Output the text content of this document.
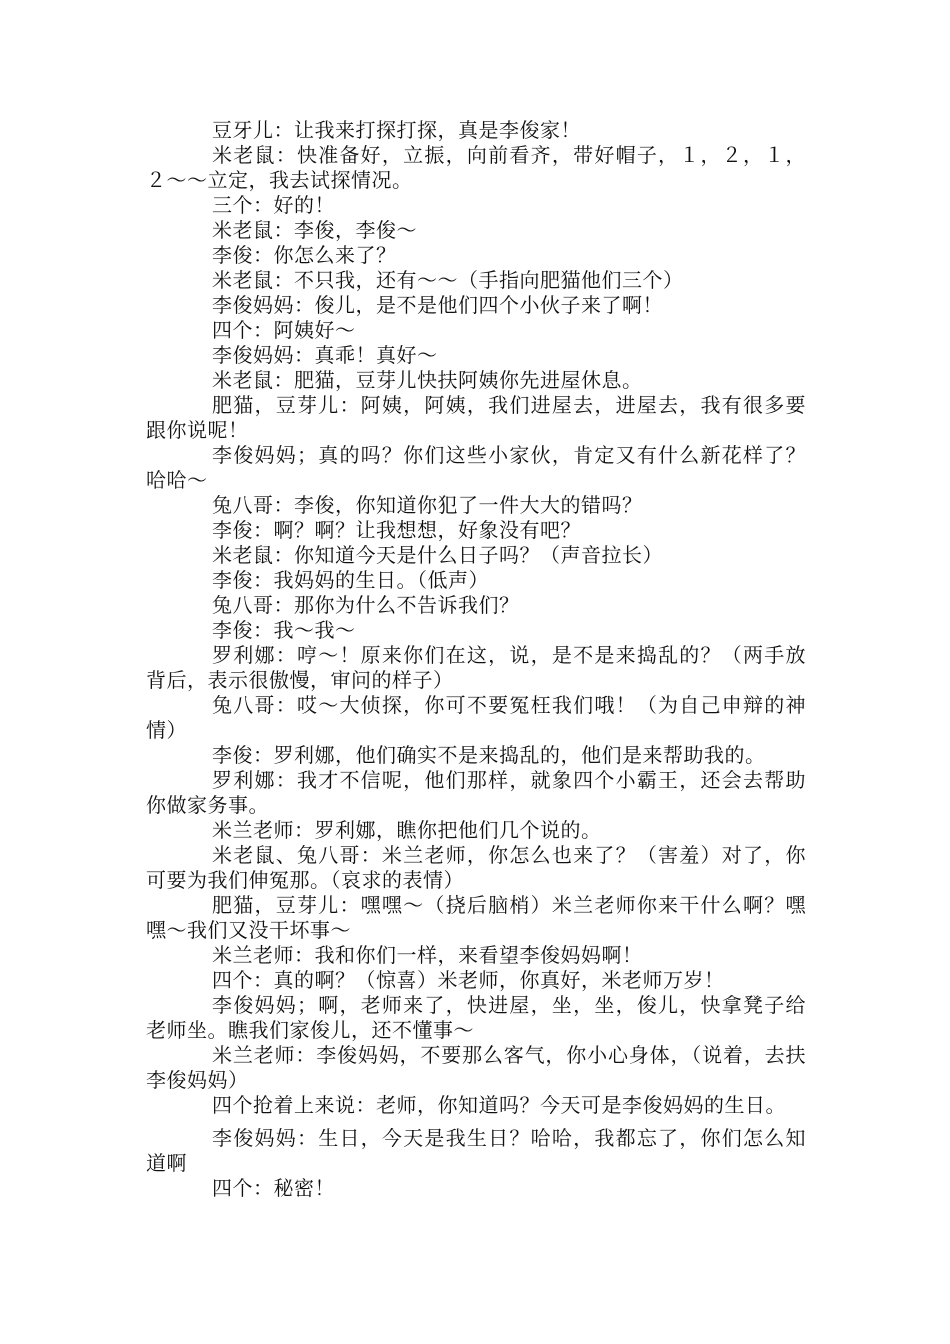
豆牙儿：让我来打探打探，真是李俊家！

米老鼠：快准备好，立振，向前看齐，带好帽子，１，２，１，２～～立定，我去试探情况。

三个：好的！

米老鼠：李俊，李俊～

李俊：你怎么来了？

米老鼠：不只我，还有～～（手指向肥猫他们三个）

李俊妈妈：俊儿，是不是他们四个小伙子来了啊！

四个：阿姨好～

李俊妈妈：真乖！真好～

米老鼠：肥猫，豆芽儿快扶阿姨你先进屋休息。

肥猫，豆芽儿：阿姨，阿姨，我们进屋去，进屋去，我有很多要跟你说呢！

李俊妈妈；真的吗？你们这些小家伙，肯定又有什么新花样了？哈哈～

兔八哥：李俊，你知道你犯了一件大大的错吗？

李俊：啊？啊？让我想想，好象没有吧？

米老鼠：你知道今天是什么日子吗？（声音拉长）

李俊：我妈妈的生日。（低声）

兔八哥：那你为什么不告诉我们？

李俊：我～我～

罗利娜：哼～！原来你们在这，说，是不是来捣乱的？（两手放背后，表示很傲慢，审问的样子）

兔八哥：哎～大侦探，你可不要冤枉我们哦！（为自己申辩的神情）

李俊：罗利娜，他们确实不是来捣乱的，他们是来帮助我的。

罗利娜：我才不信呢，他们那样，就象四个小霸王，还会去帮助你做家务事。

米兰老师：罗利娜，瞧你把他们几个说的。

米老鼠、兔八哥：米兰老师，你怎么也来了？（害羞）对了，你可要为我们伸冤那。（哀求的表情）

肥猫，豆芽儿：嘿嘿～（挠后脑梢）米兰老师你来干什么啊？嘿嘿～我们又没干坏事～

米兰老师：我和你们一样，来看望李俊妈妈啊！

四个：真的啊？（惊喜）米老师，你真好，米老师万岁！

李俊妈妈；啊，老师来了，快进屋，坐，坐，俊儿，快拿凳子给老师坐。瞧我们家俊儿，还不懂事～

米兰老师：李俊妈妈，不要那么客气，你小心身体，（说着，去扶李俊妈妈）

四个抢着上来说：老师，你知道吗？今天可是李俊妈妈的生日。

李俊妈妈：生日，今天是我生日？哈哈，我都忘了，你们怎么知道啊

四个：秘密！
